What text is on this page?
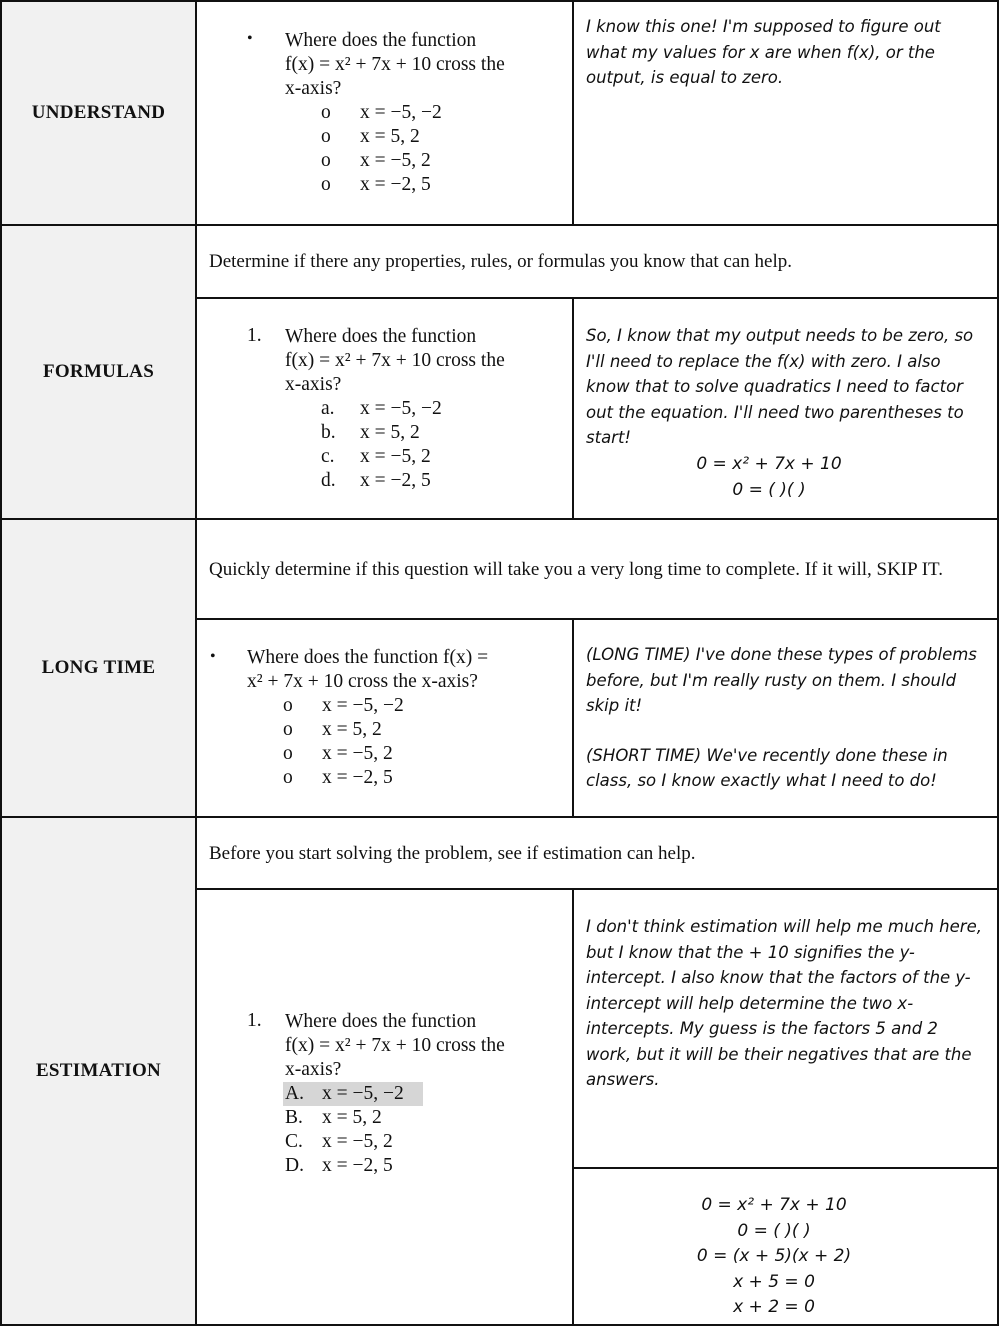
UNDERSTAND
• Where does the function
f(x) = x² + 7x + 10 cross the
x-axis?
o x = −5, −2
o x = 5, 2
o x = −5, 2
o x = −2, 5
I know this one! I'm supposed to figure out what my values for x are when f(x), or the output, is equal to zero.
FORMULAS
Determine if there any properties, rules, or formulas you know that can help.
1. Where does the function
f(x) = x² + 7x + 10 cross the
x-axis?
a. x = −5, −2
b. x = 5, 2
c. x = −5, 2
d. x = −2, 5
So, I know that my output needs to be zero, so I'll need to replace the f(x) with zero. I also know that to solve quadratics I need to factor out the equation. I'll need two parentheses to start!
0 = x² + 7x + 10
0 = ( )( )
LONG TIME
Quickly determine if this question will take you a very long time to complete. If it will, SKIP IT.
• Where does the function f(x) =
x² + 7x + 10 cross the x-axis?
o x = −5, −2
o x = 5, 2
o x = −5, 2
o x = −2, 5
(LONG TIME) I've done these types of problems before, but I'm really rusty on them. I should skip it!
(SHORT TIME) We've recently done these in class, so I know exactly what I need to do!
ESTIMATION
Before you start solving the problem, see if estimation can help.
1. Where does the function
f(x) = x² + 7x + 10 cross the
x-axis?
A. x = −5, −2
B. x = 5, 2
C. x = −5, 2
D. x = −2, 5
I don't think estimation will help me much here, but I know that the + 10 signifies the y-intercept. I also know that the factors of the y-intercept will help determine the two x-intercepts. My guess is the factors 5 and 2 work, but it will be their negatives that are the answers.
0 = x² + 7x + 10
0 = ( )( )
0 = (x + 5)(x + 2)
x + 5 = 0
x + 2 = 0
